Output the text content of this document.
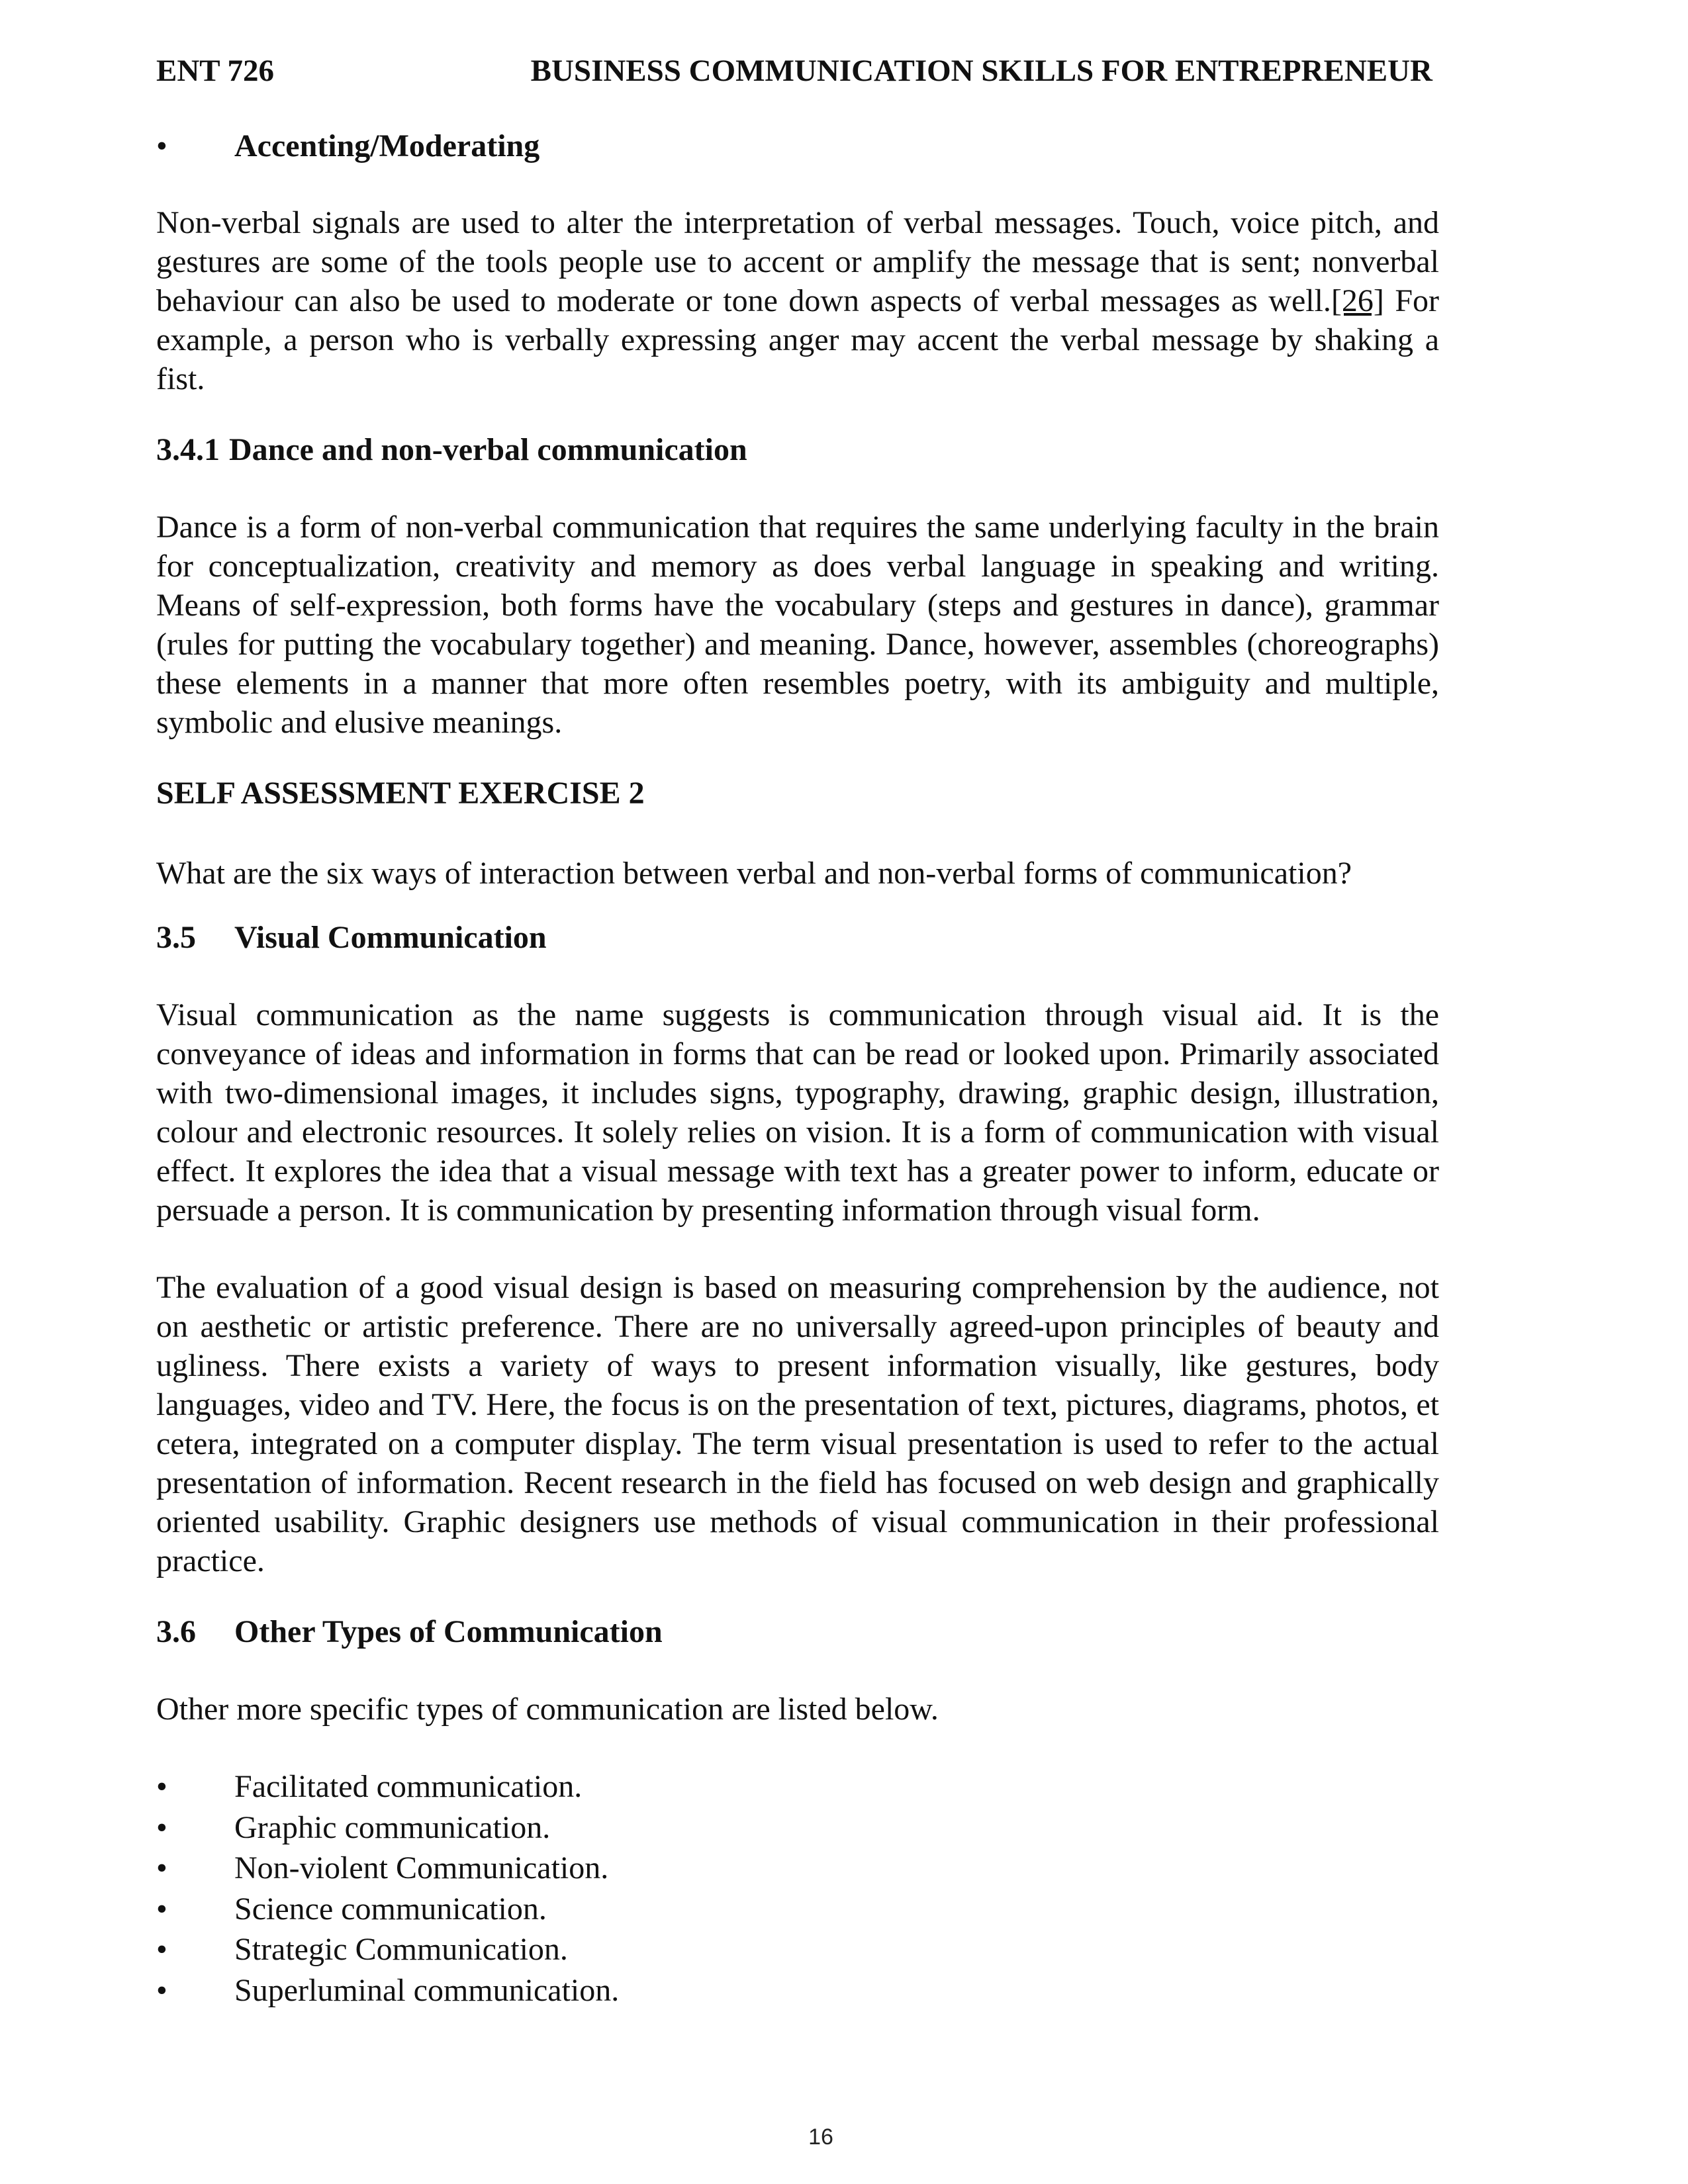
ENT 726	BUSINESS COMMUNICATION SKILLS FOR ENTREPRENEUR
•	Accenting/Moderating

Non-verbal signals are used to alter the interpretation of verbal messages. Touch, voice pitch, and gestures are some of the tools people use to accent or amplify the message that is sent; nonverbal behaviour can also be used to moderate or tone down aspects of verbal messages as well.[26] For example, a person who is verbally expressing anger may accent the verbal message by shaking a fist.

3.4.1 Dance and non-verbal communication

Dance is a form of non-verbal communication that requires the same underlying faculty in the brain for conceptualization, creativity and memory as does verbal language in speaking and writing. Means of self-expression, both forms have the vocabulary (steps and gestures in dance), grammar (rules for putting the vocabulary together) and meaning. Dance, however, assembles (choreographs) these elements in a manner that more often resembles poetry, with its ambiguity and multiple, symbolic and elusive meanings.

SELF ASSESSMENT EXERCISE 2

What are the six ways of interaction between verbal and non-verbal forms of communication?

3.5	Visual Communication

Visual communication as the name suggests is communication through visual aid. It is the conveyance of ideas and information in forms that can be read or looked upon. Primarily associated with two-dimensional images, it includes signs, typography, drawing, graphic design, illustration, colour and electronic resources. It solely relies on vision. It is a form of communication with visual effect. It explores the idea that a visual message with text has a greater power to inform, educate or persuade a person. It is communication by presenting information through visual form.

The evaluation of a good visual design is based on measuring comprehension by the audience, not on aesthetic or artistic preference. There are no universally agreed-upon principles of beauty and ugliness. There exists a variety of ways to present information visually, like gestures, body languages, video and TV. Here, the focus is on the presentation of text, pictures, diagrams, photos, et cetera, integrated on a computer display. The term visual presentation is used to refer to the actual presentation of information. Recent research in the field has focused on web design and graphically oriented usability. Graphic designers use methods of visual communication in their professional practice.

3.6	Other Types of Communication

Other more specific types of communication are listed below.

•	Facilitated communication.
•	Graphic communication.
•	Non-violent Communication.
•	Science communication.
•	Strategic Communication.
•	Superluminal communication.
16
